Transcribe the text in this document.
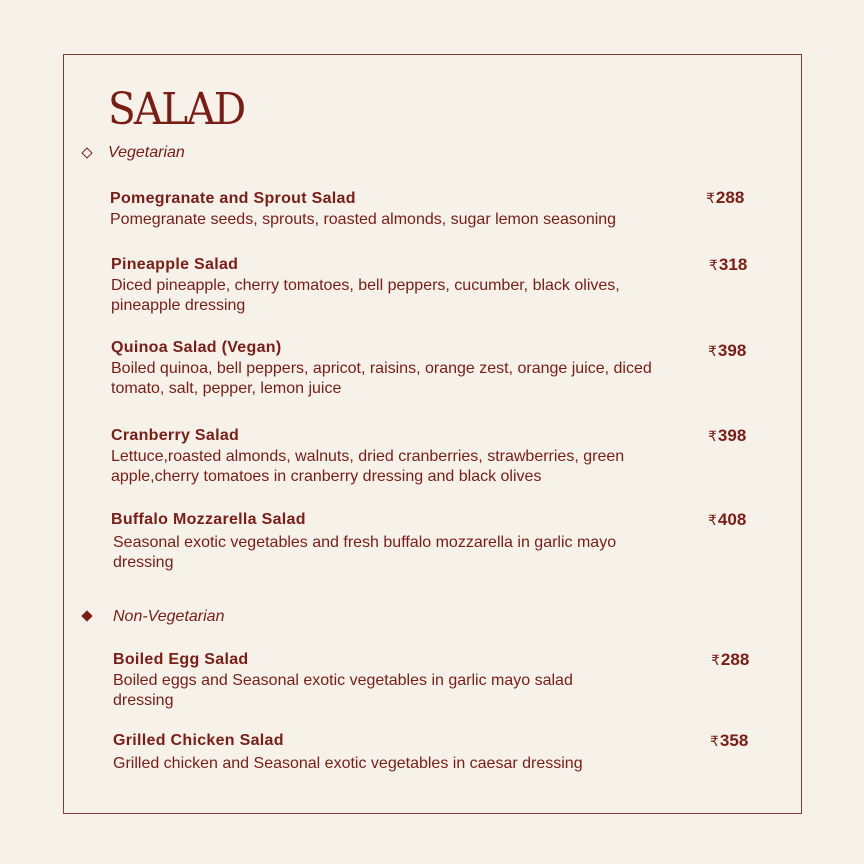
SALAD
Vegetarian
Pomegranate and Sprout Salad
Pomegranate seeds, sprouts, roasted almonds, sugar lemon seasoning
₹288
Pineapple Salad
Diced pineapple, cherry tomatoes, bell peppers, cucumber, black olives, pineapple dressing
₹318
Quinoa Salad (Vegan)
Boiled quinoa, bell peppers, apricot, raisins, orange zest, orange juice, diced tomato, salt, pepper, lemon juice
₹398
Cranberry Salad
Lettuce,roasted almonds, walnuts, dried cranberries, strawberries, green apple,cherry tomatoes in cranberry dressing and black olives
₹398
Buffalo Mozzarella Salad
Seasonal exotic vegetables and fresh buffalo mozzarella in garlic mayo dressing
₹408
Non-Vegetarian
Boiled Egg Salad
Boiled eggs and Seasonal exotic vegetables in garlic mayo salad dressing
₹288
Grilled Chicken Salad
Grilled chicken and Seasonal exotic vegetables in caesar dressing
₹358
